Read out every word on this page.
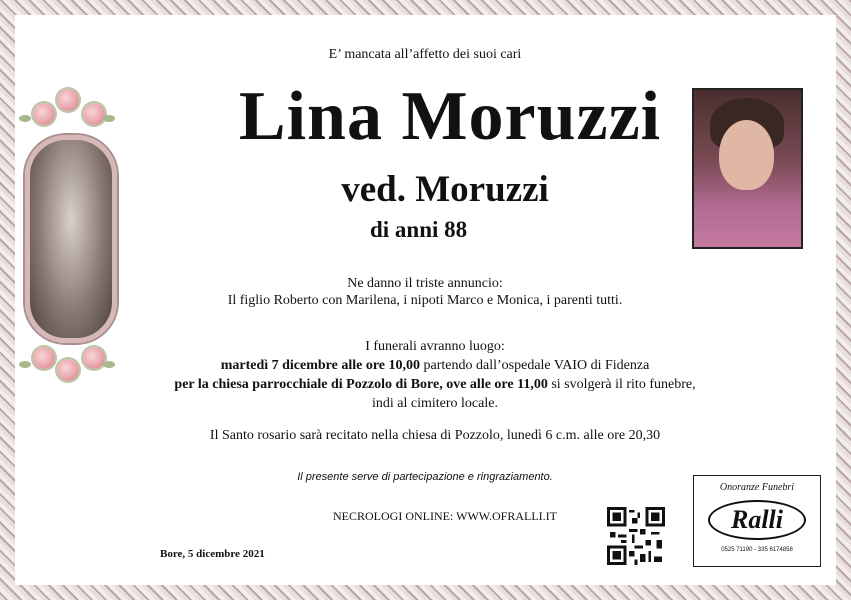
E’ mancata all’affetto dei suoi cari
Lina Moruzzi
ved. Moruzzi
di anni 88
Ne danno il triste annuncio:
Il figlio Roberto con Marilena, i nipoti Marco e Monica, i parenti tutti.
I funerali avranno luogo:
martedì 7 dicembre alle ore 10,00 partendo dall’ospedale VAIO di Fidenza
per la chiesa parrocchiale di Pozzolo di Bore, ove alle ore 11,00 si svolgerà il rito funebre,
indi al cimitero locale.
Il Santo rosario sarà recitato nella chiesa di Pozzolo, lunedì 6 c.m. alle ore 20,30
Il presente serve di partecipazione e ringraziamento.
NECROLOGI ONLINE: WWW.OFRALLI.IT
Bore, 5 dicembre 2021
Onoranze Funebri
Ralli
0525 71190 - 335 6174858
